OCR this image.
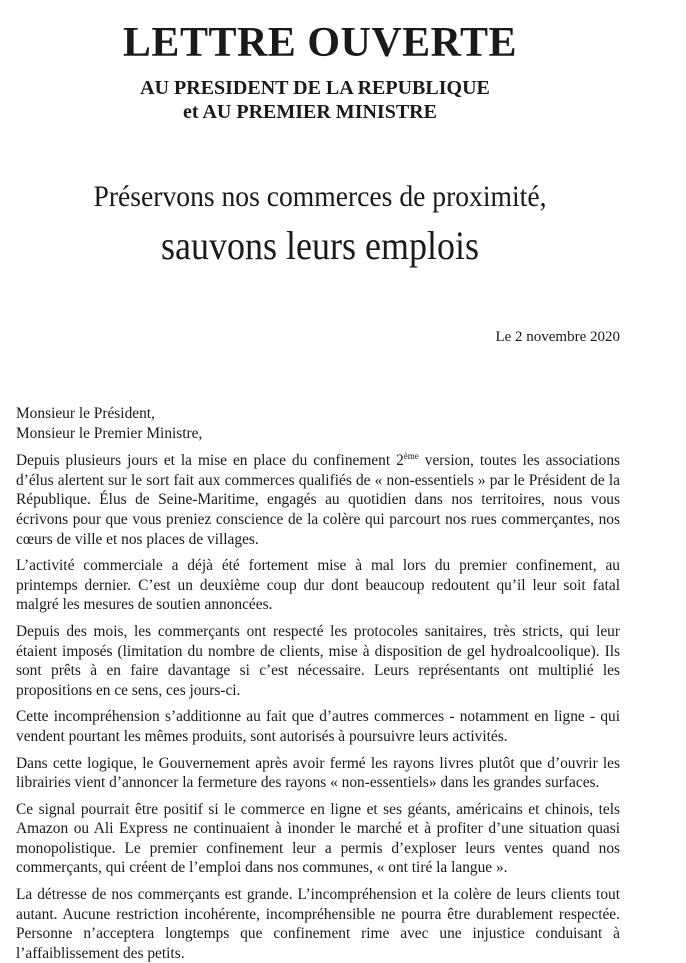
LETTRE OUVERTE
AU PRESIDENT DE LA REPUBLIQUE
et AU PREMIER MINISTRE
Préservons nos commerces de proximité,
sauvons leurs emplois
Le 2 novembre 2020

Monsieur le Président,

Monsieur le Premier Ministre,

Depuis plusieurs jours et la mise en place du confinement 2ème version, toutes les associations d’élus alertent sur le sort fait aux commerces qualifiés de « non-essentiels » par le Président de la République. Élus de Seine-Maritime, engagés au quotidien dans nos territoires, nous vous écrivons pour que vous preniez conscience de la colère qui parcourt nos rues commerçantes, nos cœurs de ville et nos places de villages.

L’activité commerciale a déjà été fortement mise à mal lors du premier confinement, au printemps dernier. C’est un deuxième coup dur dont beaucoup redoutent qu’il leur soit fatal malgré les mesures de soutien annoncées.

Depuis des mois, les commerçants ont respecté les protocoles sanitaires, très stricts, qui leur étaient imposés (limitation du nombre de clients, mise à disposition de gel hydroalcoolique). Ils sont prêts à en faire davantage si c’est nécessaire. Leurs représentants ont multiplié les propositions en ce sens, ces jours-ci.

Cette incompréhension s’additionne au fait que d’autres commerces - notamment en ligne - qui vendent pourtant les mêmes produits, sont autorisés à poursuivre leurs activités.

Dans cette logique, le Gouvernement après avoir fermé les rayons livres plutôt que d’ouvrir les librairies vient d’annoncer la fermeture des rayons « non-essentiels» dans les grandes surfaces.

Ce signal pourrait être positif si le commerce en ligne et ses géants, américains et chinois, tels Amazon ou Ali Express ne continuaient à inonder le marché et à profiter d’une situation quasi monopolistique. Le premier confinement leur a permis d’exploser leurs ventes quand nos commerçants, qui créent de l’emploi dans nos communes, « ont tiré la langue ».

La détresse de nos commerçants est grande. L’incompréhension et la colère de leurs clients tout autant. Aucune restriction incohérente, incompréhensible ne pourra être durablement respectée. Personne n’acceptera longtemps que confinement rime avec une injustice conduisant à l’affaiblissement des petits.
